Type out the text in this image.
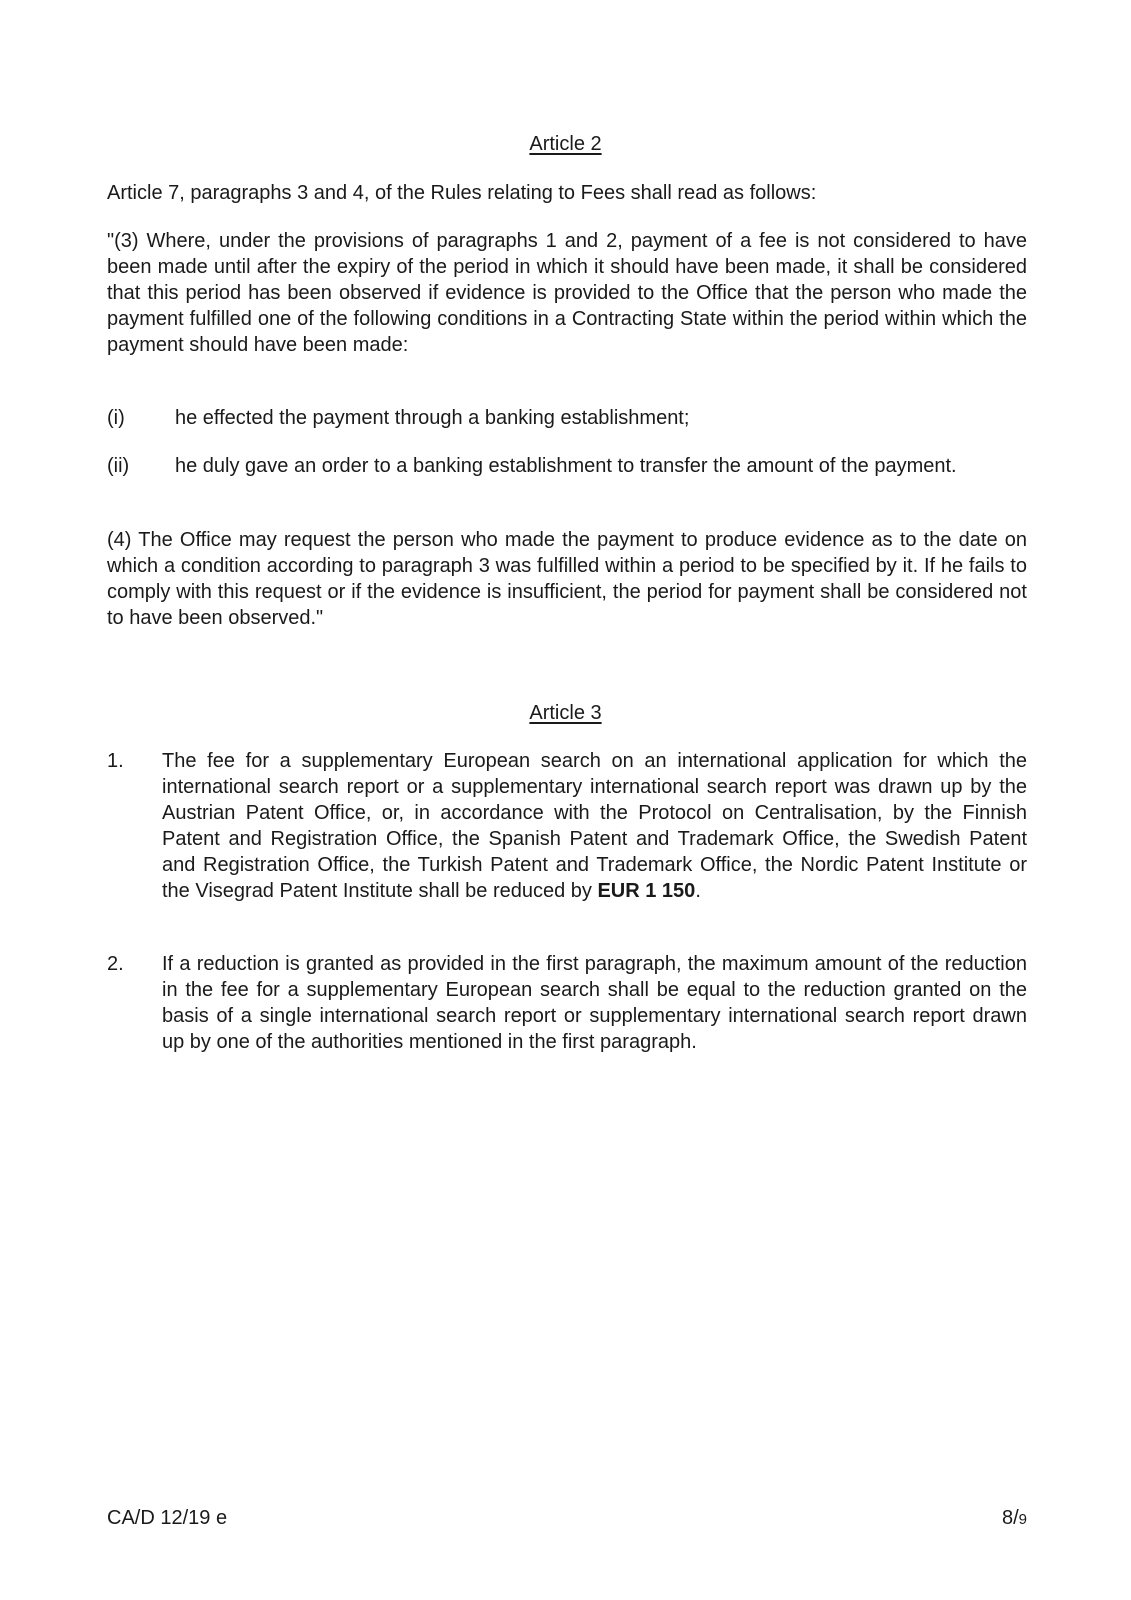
Article 2

Article 7, paragraphs 3 and 4, of the Rules relating to Fees shall read as follows:

"(3) Where, under the provisions of paragraphs 1 and 2, payment of a fee is not considered to have been made until after the expiry of the period in which it should have been made, it shall be considered that this period has been observed if evidence is provided to the Office that the person who made the payment fulfilled one of the following conditions in a Contracting State within the period within which the payment should have been made:

(i)	he effected the payment through a banking establishment;

(ii) he duly gave an order to a banking establishment to transfer the amount of the payment.

(4) The Office may request the person who made the payment to produce evidence as to the date on which a condition according to paragraph 3 was fulfilled within a period to be specified by it. If he fails to comply with this request or if the evidence is insufficient, the period for payment shall be considered not to have been observed."

Article 3
1. The fee for a supplementary European search on an international application for which the international search report or a supplementary international search report was drawn up by the Austrian Patent Office, or, in accordance with the Protocol on Centralisation, by the Finnish Patent and Registration Office, the Spanish Patent and Trademark Office, the Swedish Patent and Registration Office, the Turkish Patent and Trademark Office, the Nordic Patent Institute or the Visegrad Patent Institute shall be reduced by EUR 1 150.

2. If a reduction is granted as provided in the first paragraph, the maximum amount of the reduction in the fee for a supplementary European search shall be equal to the reduction granted on the basis of a single international search report or supplementary international search report drawn up by one of the authorities mentioned in the first paragraph.

CA/D 12/19 e	8/9
